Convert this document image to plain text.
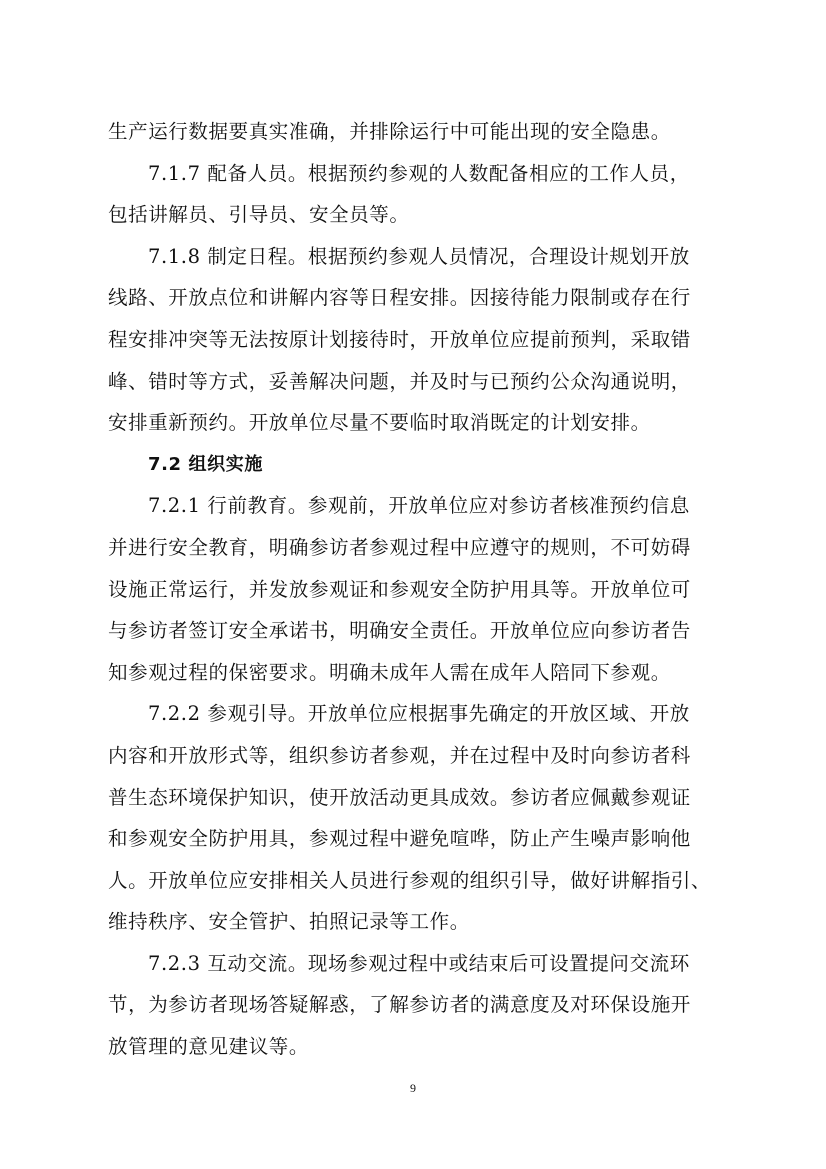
生产运行数据要真实准确，并排除运行中可能出现的安全隐患。
7.1.7 配备人员。根据预约参观的人数配备相应的工作人员，
包括讲解员、引导员、安全员等。
7.1.8 制定日程。根据预约参观人员情况，合理设计规划开放
线路、开放点位和讲解内容等日程安排。因接待能力限制或存在行
程安排冲突等无法按原计划接待时，开放单位应提前预判，采取错
峰、错时等方式，妥善解决问题，并及时与已预约公众沟通说明，
安排重新预约。开放单位尽量不要临时取消既定的计划安排。
7.2 组织实施
7.2.1 行前教育。参观前，开放单位应对参访者核准预约信息
并进行安全教育，明确参访者参观过程中应遵守的规则，不可妨碍
设施正常运行，并发放参观证和参观安全防护用具等。开放单位可
与参访者签订安全承诺书，明确安全责任。开放单位应向参访者告
知参观过程的保密要求。明确未成年人需在成年人陪同下参观。
7.2.2 参观引导。开放单位应根据事先确定的开放区域、开放
内容和开放形式等，组织参访者参观，并在过程中及时向参访者科
普生态环境保护知识，使开放活动更具成效。参访者应佩戴参观证
和参观安全防护用具，参观过程中避免喧哗，防止产生噪声影响他
人。开放单位应安排相关人员进行参观的组织引导，做好讲解指引、
维持秩序、安全管护、拍照记录等工作。
7.2.3 互动交流。现场参观过程中或结束后可设置提问交流环
节，为参访者现场答疑解惑，了解参访者的满意度及对环保设施开
放管理的意见建议等。
9
